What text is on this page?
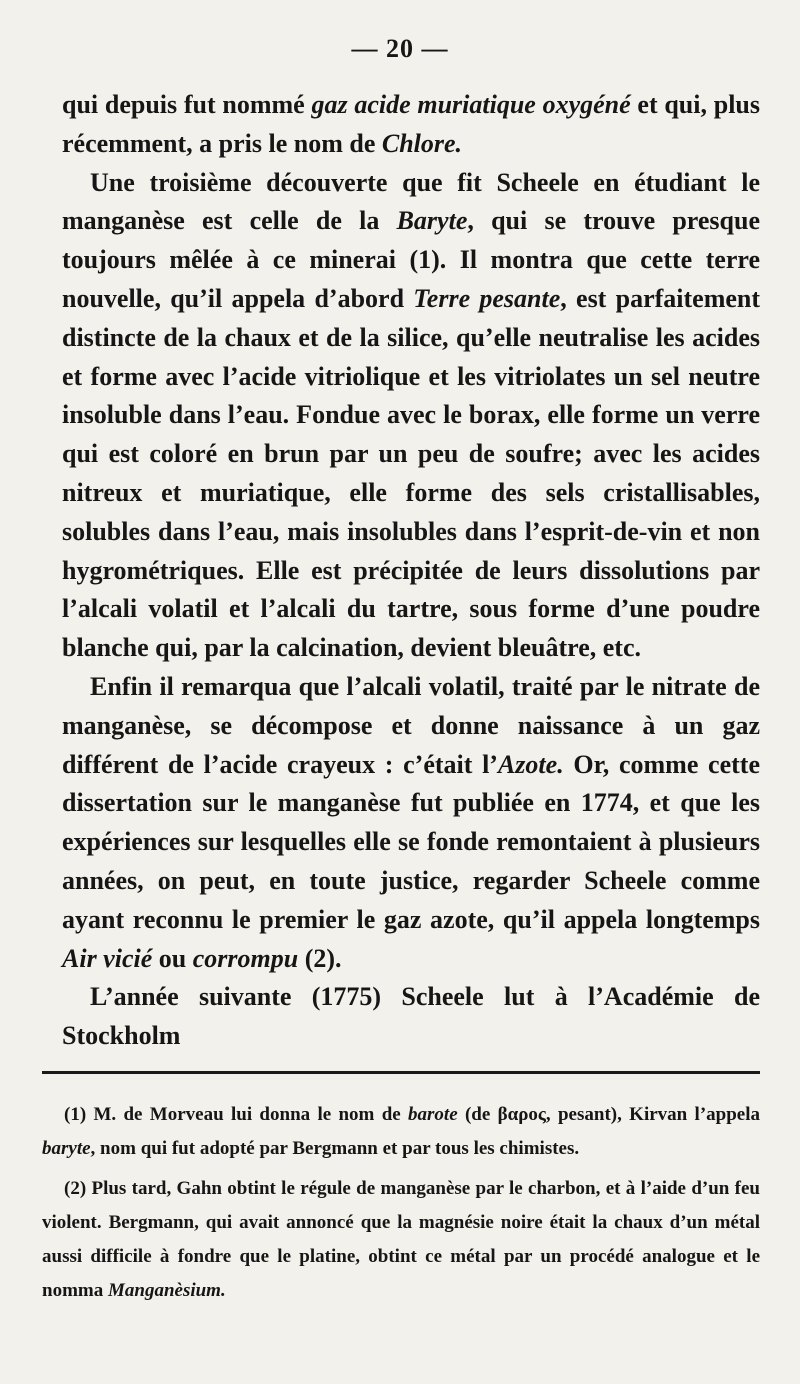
— 20 —

qui depuis fut nommé gaz acide muriatique oxygéné et qui, plus récemment, a pris le nom de Chlore.

Une troisième découverte que fit Scheele en étudiant le manganèse est celle de la Baryte, qui se trouve presque toujours mêlée à ce minerai (1). Il montra que cette terre nouvelle, qu’il appela d’abord Terre pesante, est parfaitement distincte de la chaux et de la silice, qu’elle neutralise les acides et forme avec l’acide vitriolique et les vitriolates un sel neutre insoluble dans l’eau. Fondue avec le borax, elle forme un verre qui est coloré en brun par un peu de soufre; avec les acides nitreux et muriatique, elle forme des sels cristallisables, solubles dans l’eau, mais insolubles dans l’esprit-de-vin et non hygrométriques. Elle est précipitée de leurs dissolutions par l’alcali volatil et l’alcali du tartre, sous forme d’une poudre blanche qui, par la calcination, devient bleuâtre, etc.

Enfin il remarqua que l’alcali volatil, traité par le nitrate de manganèse, se décompose et donne naissance à un gaz différent de l’acide crayeux : c’était l’Azote. Or, comme cette dissertation sur le manganèse fut publiée en 1774, et que les expériences sur lesquelles elle se fonde remontaient à plusieurs années, on peut, en toute justice, regarder Scheele comme ayant reconnu le premier le gaz azote, qu’il appela longtemps Air vicié ou corrompu (2).

L’année suivante (1775) Scheele lut à l’Académie de Stockholm

(1) M. de Morveau lui donna le nom de barote (de βαρος, pesant), Kirvan l’appela baryte, nom qui fut adopté par Bergmann et par tous les chimistes.

(2) Plus tard, Gahn obtint le régule de manganèse par le charbon, et à l’aide d’un feu violent. Bergmann, qui avait annoncé que la magnésie noire était la chaux d’un métal aussi difficile à fondre que le platine, obtint ce métal par un procédé analogue et le nomma Manganèsium.
